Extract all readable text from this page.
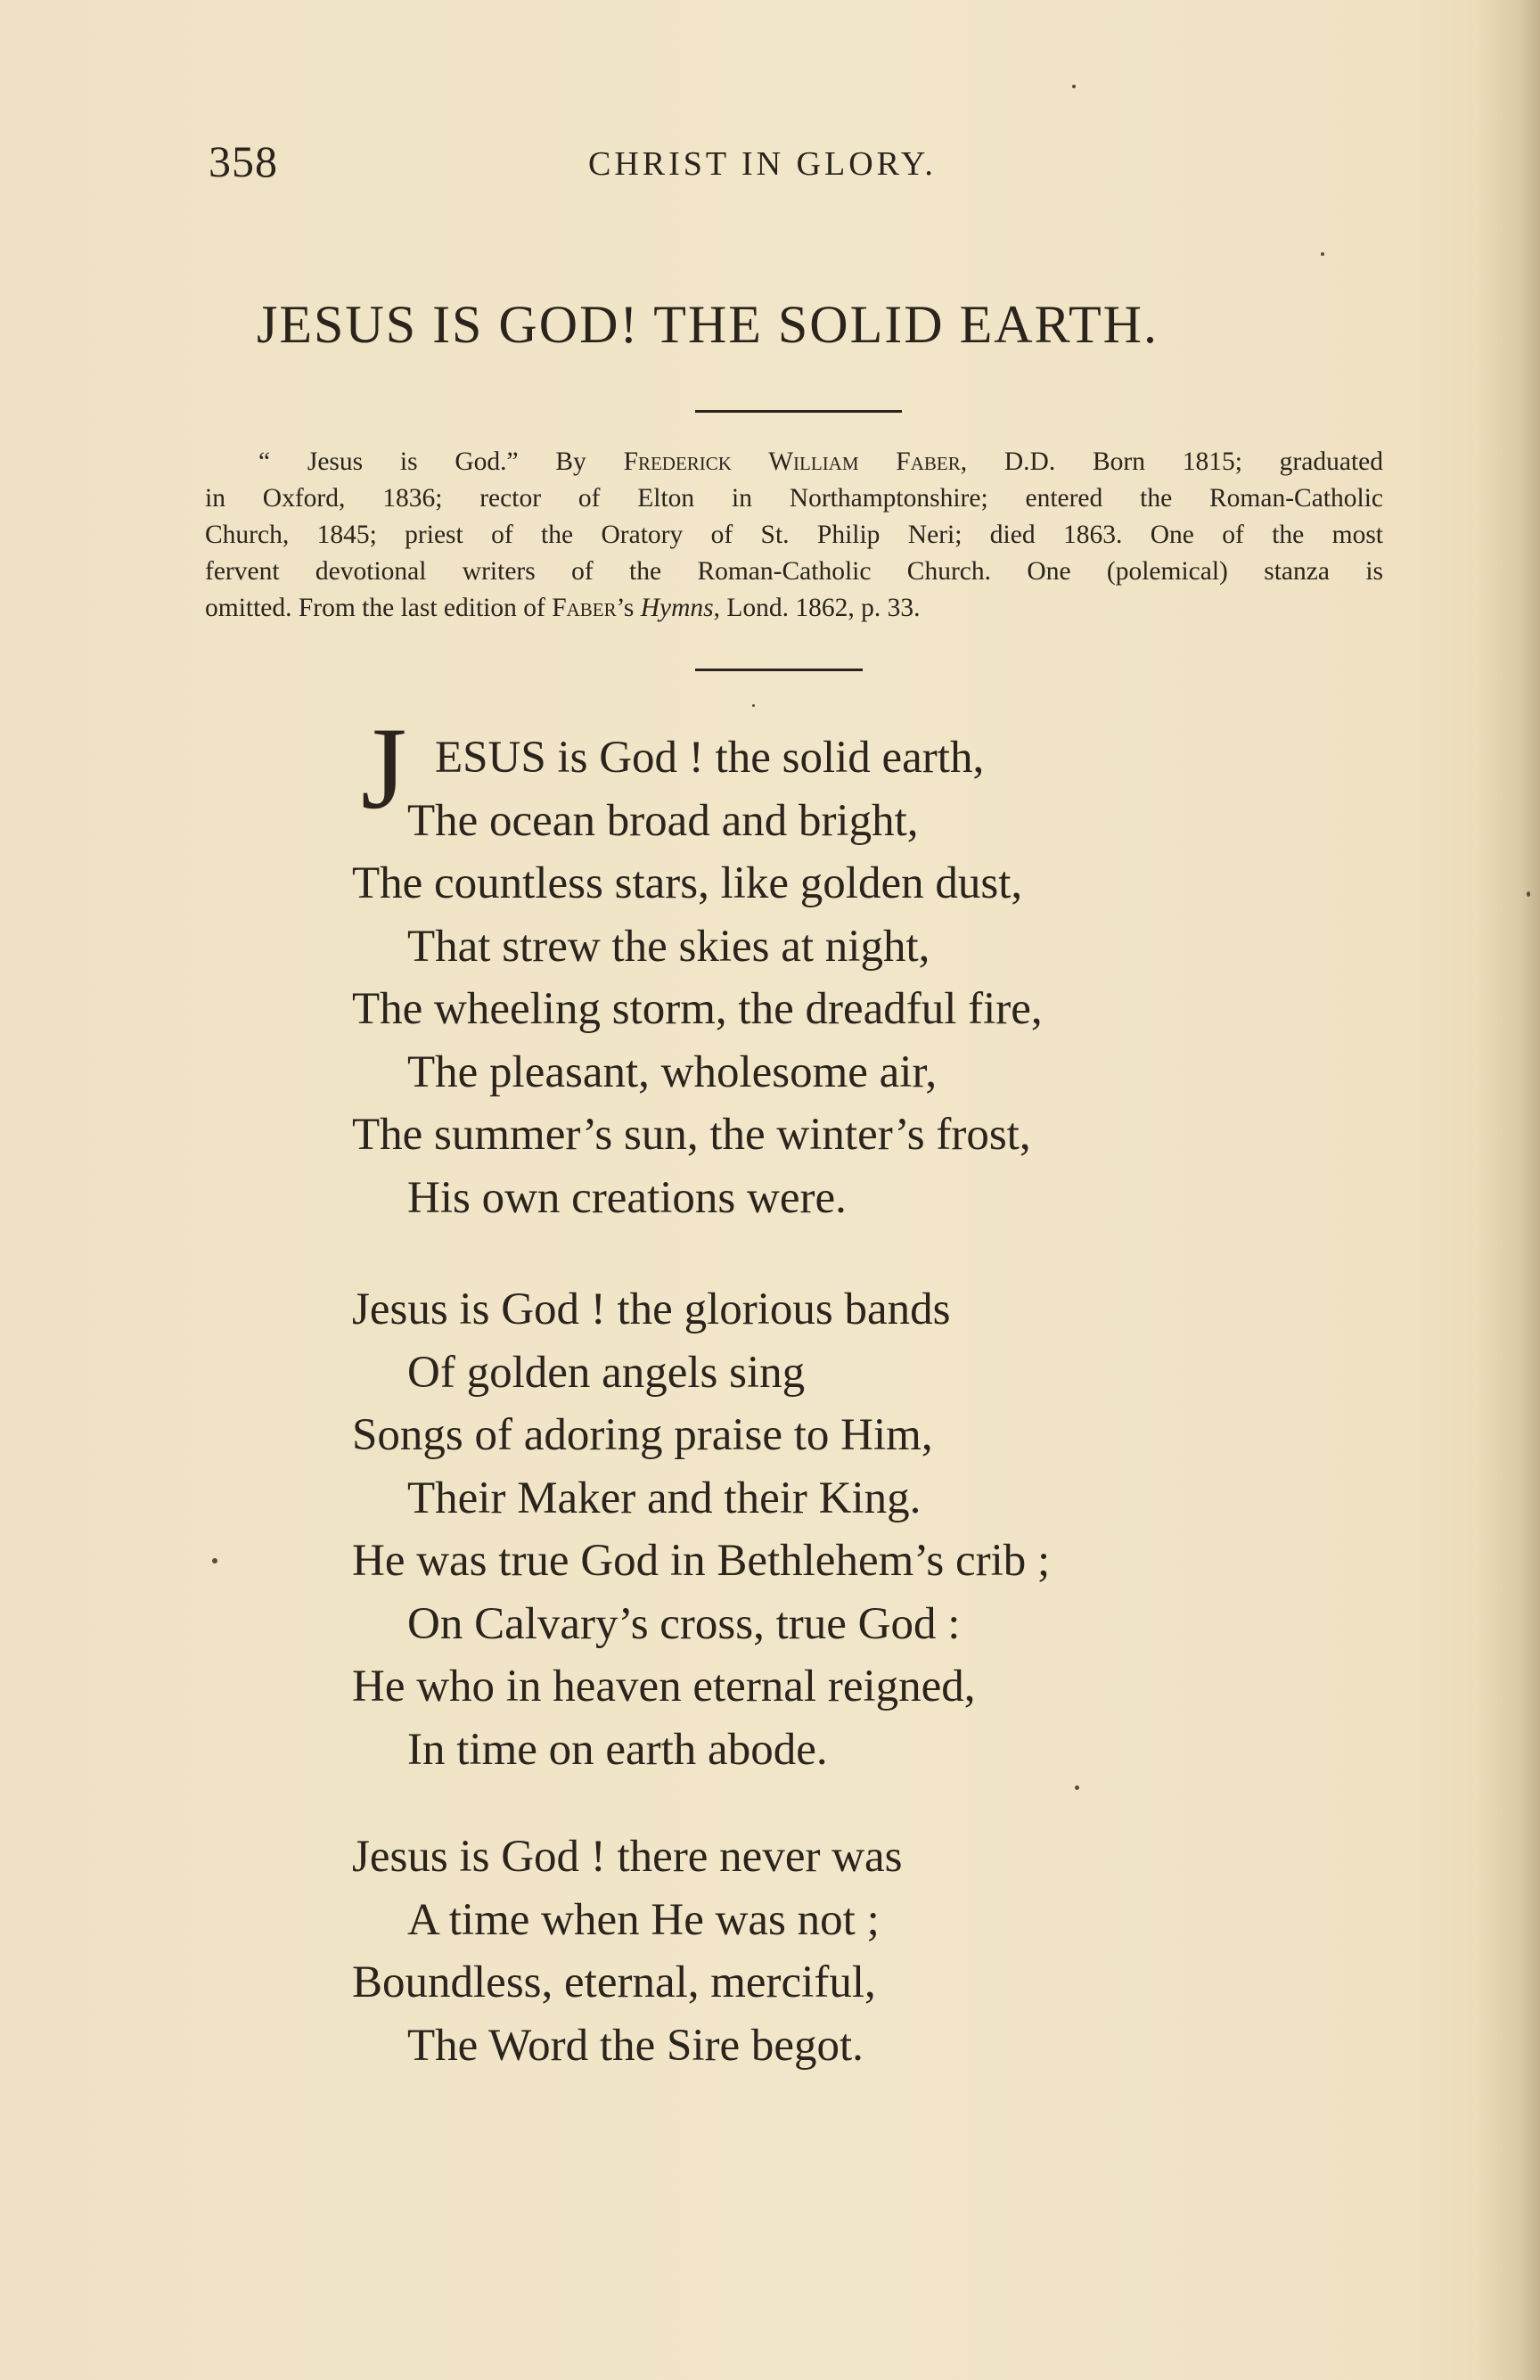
358	CHRIST IN GLORY.
JESUS IS GOD! THE SOLID EARTH.
“ Jesus is God.” By Frederick William Faber, D.D. Born 1815; graduated
in Oxford, 1836; rector of Elton in Northamptonshire; entered the Roman-Catholic
Church, 1845; priest of the Oratory of St. Philip Neri; died 1863. One of the most
fervent devotional writers of the Roman-Catholic Church. One (polemical) stanza is
omitted. From the last edition of Faber’s Hymns, Lond. 1862, p. 33.
J ESUS is God ! the solid earth,
The ocean broad and bright,
The countless stars, like golden dust,
That strew the skies at night,
The wheeling storm, the dreadful fire,
The pleasant, wholesome air,
The summer’s sun, the winter’s frost,
His own creations were.
Jesus is God ! the glorious bands
Of golden angels sing
Songs of adoring praise to Him,
Their Maker and their King.
He was true God in Bethlehem’s crib ;
On Calvary’s cross, true God :
He who in heaven eternal reigned,
In time on earth abode.
Jesus is God ! there never was
A time when He was not ;
Boundless, eternal, merciful,
The Word the Sire begot.
